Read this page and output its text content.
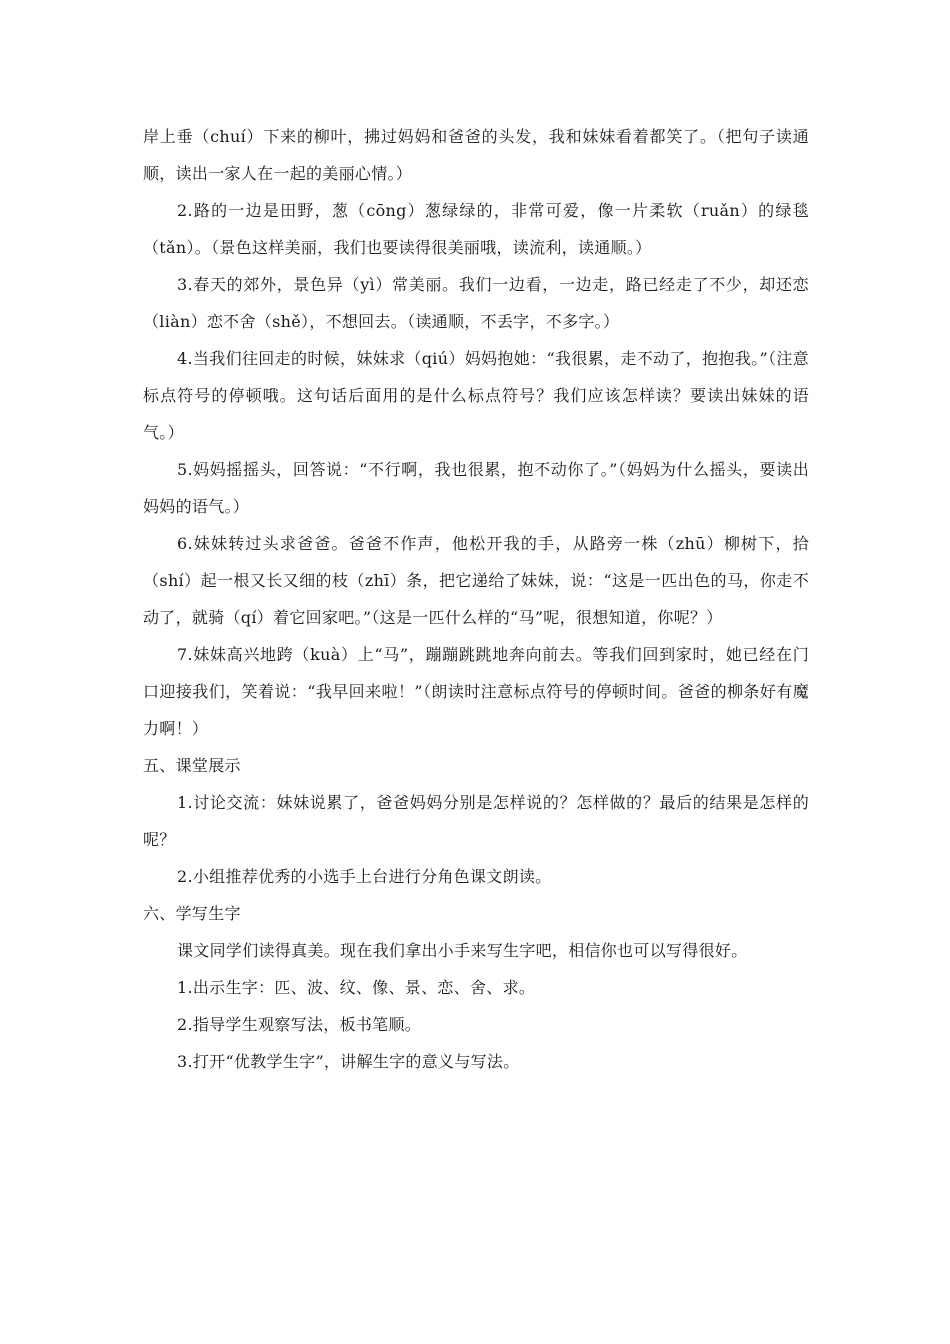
岸上垂（chuí）下来的柳叶，拂过妈妈和爸爸的头发，我和妹妹看着都笑了。（把句子读通顺，读出一家人在一起的美丽心情。）

2.路的一边是田野，葱（cōng）葱绿绿的，非常可爱，像一片柔软（ruǎn）的绿毯（tǎn）。（景色这样美丽，我们也要读得很美丽哦，读流利，读通顺。）

3.春天的郊外，景色异（yì）常美丽。我们一边看，一边走，路已经走了不少，却还恋（liàn）恋不舍（shě），不想回去。（读通顺，不丢字，不多字。）

4.当我们往回走的时候，妹妹求（qiú）妈妈抱她：“我很累，走不动了，抱抱我。”（注意标点符号的停顿哦。这句话后面用的是什么标点符号？我们应该怎样读？要读出妹妹的语气。）

5.妈妈摇摇头，回答说：“不行啊，我也很累，抱不动你了。”（妈妈为什么摇头，要读出妈妈的语气。）

6.妹妹转过头求爸爸。爸爸不作声，他松开我的手，从路旁一株（zhū）柳树下，拾（shí）起一根又长又细的枝（zhī）条，把它递给了妹妹，说：“这是一匹出色的马，你走不动了，就骑（qí）着它回家吧。”（这是一匹什么样的“马”呢，很想知道，你呢？）

7.妹妹高兴地跨（kuà）上“马”，蹦蹦跳跳地奔向前去。等我们回到家时，她已经在门口迎接我们，笑着说：“我早回来啦！”（朗读时注意标点符号的停顿时间。爸爸的柳条好有魔力啊！）

五、课堂展示

1.讨论交流：妹妹说累了，爸爸妈妈分别是怎样说的？怎样做的？最后的结果是怎样的呢？

2.小组推荐优秀的小选手上台进行分角色课文朗读。

六、学写生字

课文同学们读得真美。现在我们拿出小手来写生字吧，相信你也可以写得很好。

1.出示生字：匹、波、纹、像、景、恋、舍、求。

2.指导学生观察写法，板书笔顺。

3.打开“优教学生字”，讲解生字的意义与写法。
